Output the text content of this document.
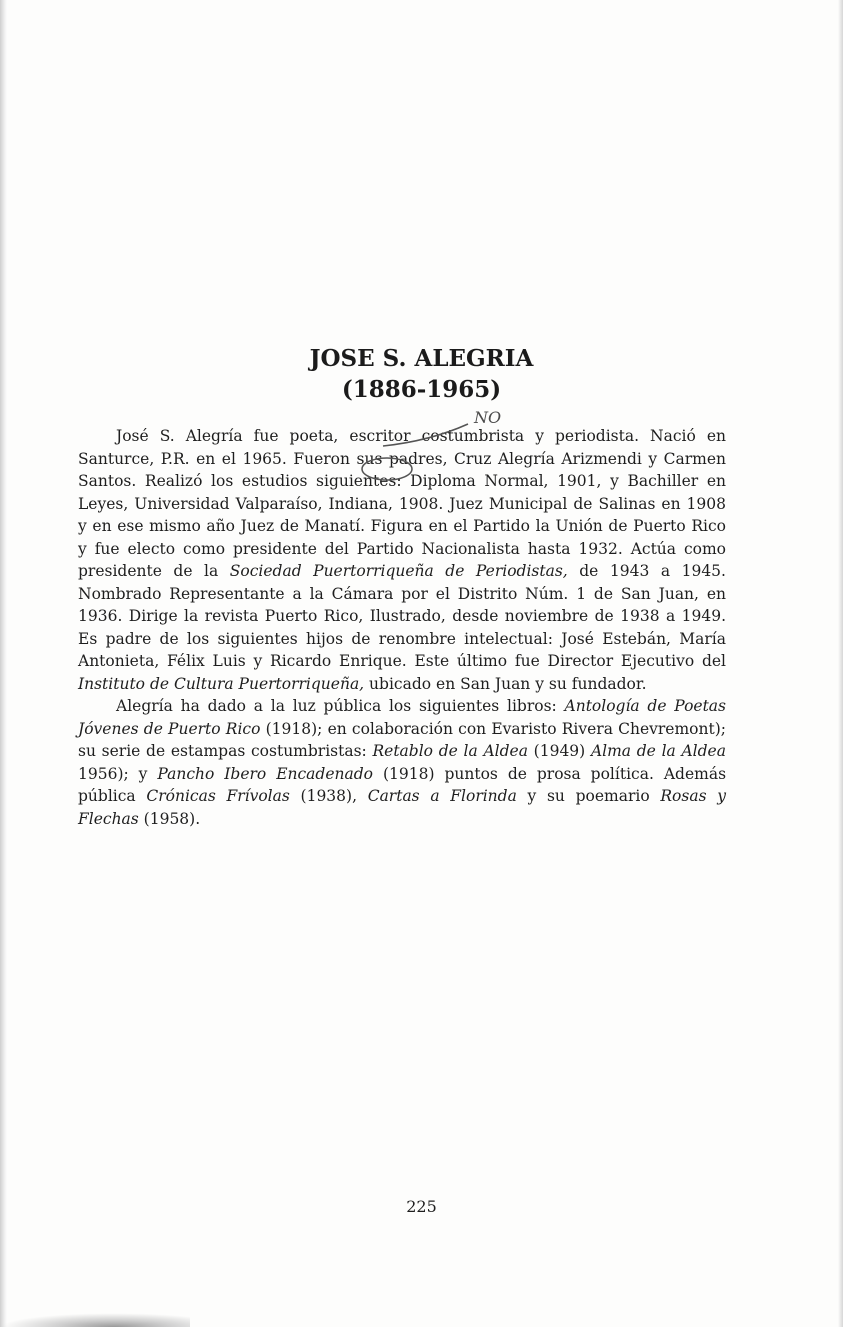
JOSE S. ALEGRIA
(1886-1965)

José S. Alegría fue poeta, escritor costumbrista y periodista. Nació en Santurce, P.R. en el 1965. Fueron sus padres, Cruz Alegría Arizmendi y Carmen Santos. Realizó los estudios siguientes: Diploma Normal, 1901, y Bachiller en Leyes, Universidad Valparaíso, Indiana, 1908. Juez Municipal de Salinas en 1908 y en ese mismo año Juez de Manatí. Figura en el Partido la Unión de Puerto Rico y fue electo como presidente del Partido Nacionalista hasta 1932. Actúa como presidente de la Sociedad Puertorriqueña de Periodistas, de 1943 a 1945. Nombrado Representante a la Cámara por el Distrito Núm. 1 de San Juan, en 1936. Dirige la revista Puerto Rico, Ilustrado, desde noviembre de 1938 a 1949. Es padre de los siguientes hijos de renombre intelectual: José Estebán, María Antonieta, Félix Luis y Ricardo Enrique. Este último fue Director Ejecutivo del Instituto de Cultura Puertorriqueña, ubicado en San Juan y su fundador.

Alegría ha dado a la luz pública los siguientes libros: Antología de Poetas Jóvenes de Puerto Rico (1918); en colaboración con Evaristo Rivera Chevremont); su serie de estampas costumbristas: Retablo de la Aldea (1949) Alma de la Aldea 1956); y Pancho Ibero Encadenado (1918) puntos de prosa política. Además pública Crónicas Frívolas (1938), Cartas a Florinda y su poemario Rosas y Flechas (1958).

NO
225
